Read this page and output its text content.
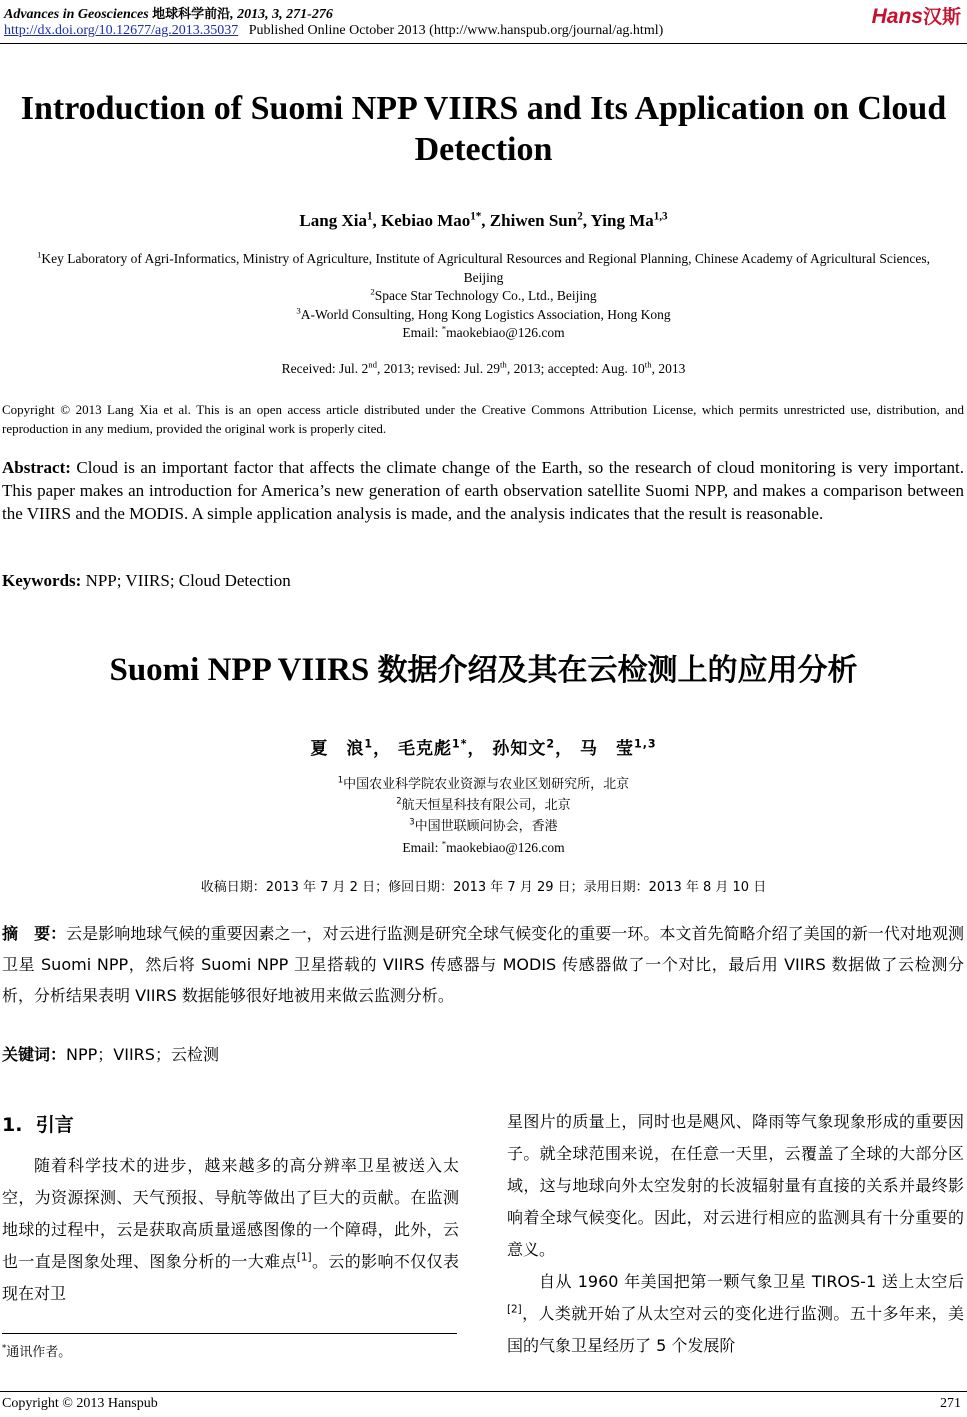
Advances in Geosciences 地球科学前沿, 2013, 3, 271-276
http://dx.doi.org/10.12677/ag.2013.35037 Published Online October 2013 (http://www.hanspub.org/journal/ag.html)
Hans汉斯
Introduction of Suomi NPP VIIRS and Its Application on Cloud Detection
Lang Xia$^1$, Kebiao Mao$^{1*}$, Zhiwen Sun$^2$, Ying Ma$^{1,3}$
$^1$Key Laboratory of Agri-Informatics, Ministry of Agriculture, Institute of Agricultural Resources and Regional Planning, Chinese Academy of Agricultural Sciences, Beijing
$^2$Space Star Technology Co., Ltd., Beijing
$^3$A-World Consulting, Hong Kong Logistics Association, Hong Kong
Email: *maokebiao@126.com
Received: Jul. 2nd, 2013; revised: Jul. 29th, 2013; accepted: Aug. 10th, 2013
Copyright © 2013 Lang Xia et al. This is an open access article distributed under the Creative Commons Attribution License, which permits unrestricted use, distribution, and reproduction in any medium, provided the original work is properly cited.
Abstract: Cloud is an important factor that affects the climate change of the Earth, so the research of cloud monitoring is very important. This paper makes an introduction for America’s new generation of earth observation satellite Suomi NPP, and makes a comparison between the VIIRS and the MODIS. A simple application analysis is made, and the analysis indicates that the result is reasonable.
Keywords: NPP; VIIRS; Cloud Detection
Suomi NPP VIIRS 数据介绍及其在云检测上的应用分析
夏　浪$^1$， 毛克彪$^{1*}$， 孙知文$^2$， 马　莹$^{1,3}$
$^1$中国农业科学院农业资源与农业区划研究所，北京
$^2$航天恒星科技有限公司，北京
$^3$中国世联顾问协会，香港
Email: *maokebiao@126.com
收稿日期：2013 年 7 月 2 日；修回日期：2013 年 7 月 29 日；录用日期：2013 年 8 月 10 日
摘　要：云是影响地球气候的重要因素之一，对云进行监测是研究全球气候变化的重要一环。本文首先简略介绍了美国的新一代对地观测卫星 Suomi NPP，然后将 Suomi NPP 卫星搭载的 VIIRS 传感器与 MODIS 传感器做了一个对比，最后用 VIIRS 数据做了云检测分析，分析结果表明 VIIRS 数据能够很好地被用来做云监测分析。
关键词：NPP；VIIRS；云检测
1. 引言

随着科学技术的进步，越来越多的高分辨率卫星被送入太空，为资源探测、天气预报、导航等做出了巨大的贡献。在监测地球的过程中，云是获取高质量遥感图像的一个障碍，此外，云也一直是图象处理、图象分析的一大难点[1]。云的影响不仅仅表现在对卫

星图片的质量上，同时也是飓风、降雨等气象现象形成的重要因子。就全球范围来说，在任意一天里，云覆盖了全球的大部分区域，这与地球向外太空发射的长波辐射量有直接的关系并最终影响着全球气候变化。因此，对云进行相应的监测具有十分重要的意义。

自从 1960 年美国把第一颗气象卫星 TIROS-1 送上太空后[2]，人类就开始了从太空对云的变化进行监测。五十多年来，美国的气象卫星经历了 5 个发展阶

*通讯作者。
Copyright © 2013 Hanspub	271
